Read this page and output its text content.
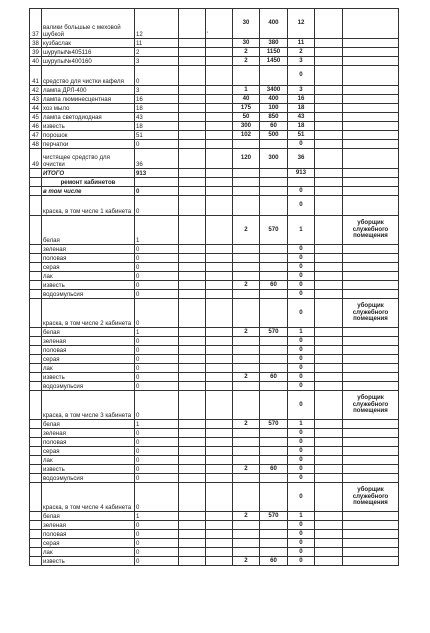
37	валики большые с меховой шубкой	12		'	30	400	12		
38	кузбаслак	11			30	380	11		
39	шурупы№405116	2			2	1150	2		
40	шурупы№400160	3			2	1450	3		
41	средство для чистки кафеля	0					0		
42	лампа ДРЛ-400	3			1	3400	3		
43	лампа люминесцентная	16			40	400	16		
44	хоз мыло	18			175	100	18		
45	лампа светодиодная	43			50	850	43		
46	известь	18			300	60	18		
47	порошок	51			102	500	51		
48	перчатки	0					0		
49	чистящее средство для очистки	36			120	300	36		
	ИТОГО	913					913		
	ремонт кабинетов								
	в том числе	0					0		
	краска, в том числе 1 кабинета	0					0		
	белая	1			2	570	1		уборщик служебного помещения
	зеленая	0					0		
	половая	0					0		
	серая	0					0		
	лак	0					0		
	известь	0			2	60	0		
	водоэмульсия	0					0		
	краска, в том числе 2 кабинета	0					0		уборщик служебного помещения
	белая	1			2	570	1		
	зеленая	0					0		
	половая	0					0		
	серая	0					0		
	лак	0					0		
	известь	0			2	60	0		
	водоэмульсия	0					0		
	краска, в том числе 3 кабинета	0					0		уборщик служебного помещения
	белая	1			2	570	1		
	зеленая	0					0		
	половая	0					0		
	серая	0					0		
	лак	0					0		
	известь	0			2	60	0		
	водоэмульсия	0					0		
	краска, в том числе 4 кабинета	0					0		уборщик служебного помещения
	белая	1			2	570	1		
	зеленая	0					0		
	половая	0					0		
	серая	0					0		
	лак	0					0		
	известь	0			2	60	0		
